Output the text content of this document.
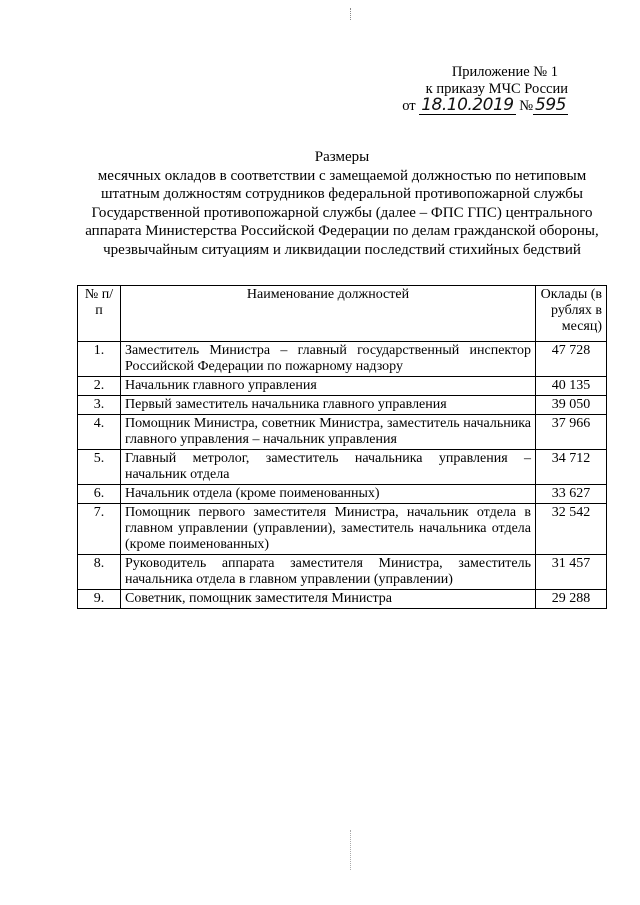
Приложение № 1
к приказу МЧС России
от 18.10.2019 № 595
Размеры
месячных окладов в соответствии с замещаемой должностью по нетиповым штатным должностям сотрудников федеральной противопожарной службы Государственной противопожарной службы (далее – ФПС ГПС) центрального аппарата Министерства Российской Федерации по делам гражданской обороны, чрезвычайным ситуациям и ликвидации последствий стихийных бедствий
№ п/п	Наименование должностей	Оклады (в рублях в месяц)
1.	Заместитель Министра – главный государственный инспектор Российской Федерации по пожарному надзору	47 728
2.	Начальник главного управления	40 135
3.	Первый заместитель начальника главного управления	39 050
4.	Помощник Министра, советник Министра, заместитель начальника главного управления – начальник управления	37 966
5.	Главный метролог, заместитель начальника управления – начальник отдела	34 712
6.	Начальник отдела (кроме поименованных)	33 627
7.	Помощник первого заместителя Министра, начальник отдела в главном управлении (управлении), заместитель начальника отдела (кроме поименованных)	32 542
8.	Руководитель аппарата заместителя Министра, заместитель начальника отдела в главном управлении (управлении)	31 457
9.	Советник, помощник заместителя Министра	29 288
